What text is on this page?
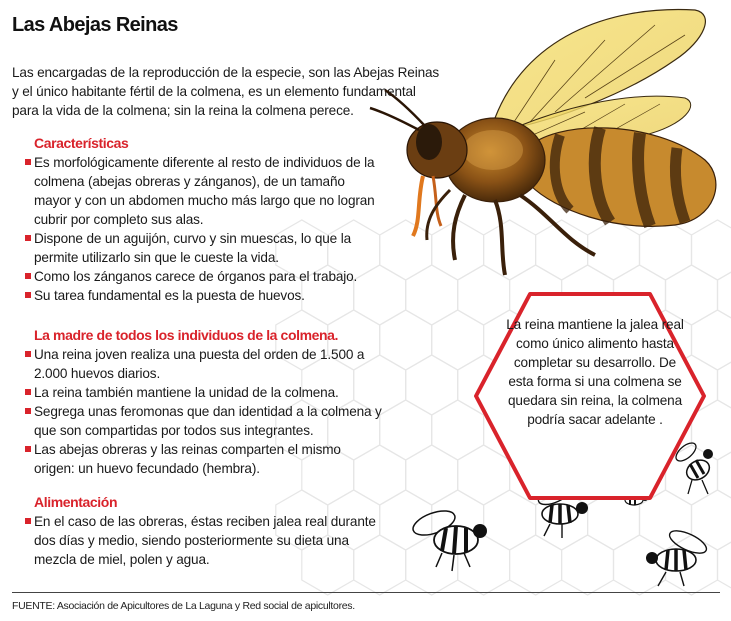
Las Abejas Reinas

Las encargadas de la reproducción de la especie, son las Abejas Reinas y el único habitante fértil de la colmena, es un elemento fundamental para la vida de la colmena; sin la reina la colmena perece.

Características
Es morfológicamente diferente al resto de individuos de la colmena (abejas obreras y zánganos), de un tamaño mayor y con un abdomen mucho más largo que no logran cubrir por completo sus alas.
Dispone de un aguijón, curvo y sin muescas, lo que la permite utilizarlo sin que le cueste la vida.
Como los zánganos carece de órganos para el trabajo.
Su tarea fundamental es la puesta de huevos.
La madre de todos los individuos de la colmena.
Una reina joven realiza una puesta del orden de 1.500 a 2.000 huevos diarios.
La reina también mantiene la unidad de la colmena.
Segrega unas feromonas que dan identidad a la colmena y que son compartidas por todos sus integrantes.
Las abejas obreras y las reinas comparten el mismo origen: un huevo fecundado (hembra).
Alimentación
En el caso de las obreras, éstas reciben jalea real durante dos días y medio, siendo posteriormente su dieta una mezcla de miel, polen y agua.
La reina mantiene la jalea real como único alimento hasta completar su desarrollo. De esta forma si una colmena se quedara sin reina, la colmena podría sacar adelante .
FUENTE: Asociación de Apicultores de La Laguna y Red social de apicultores.
